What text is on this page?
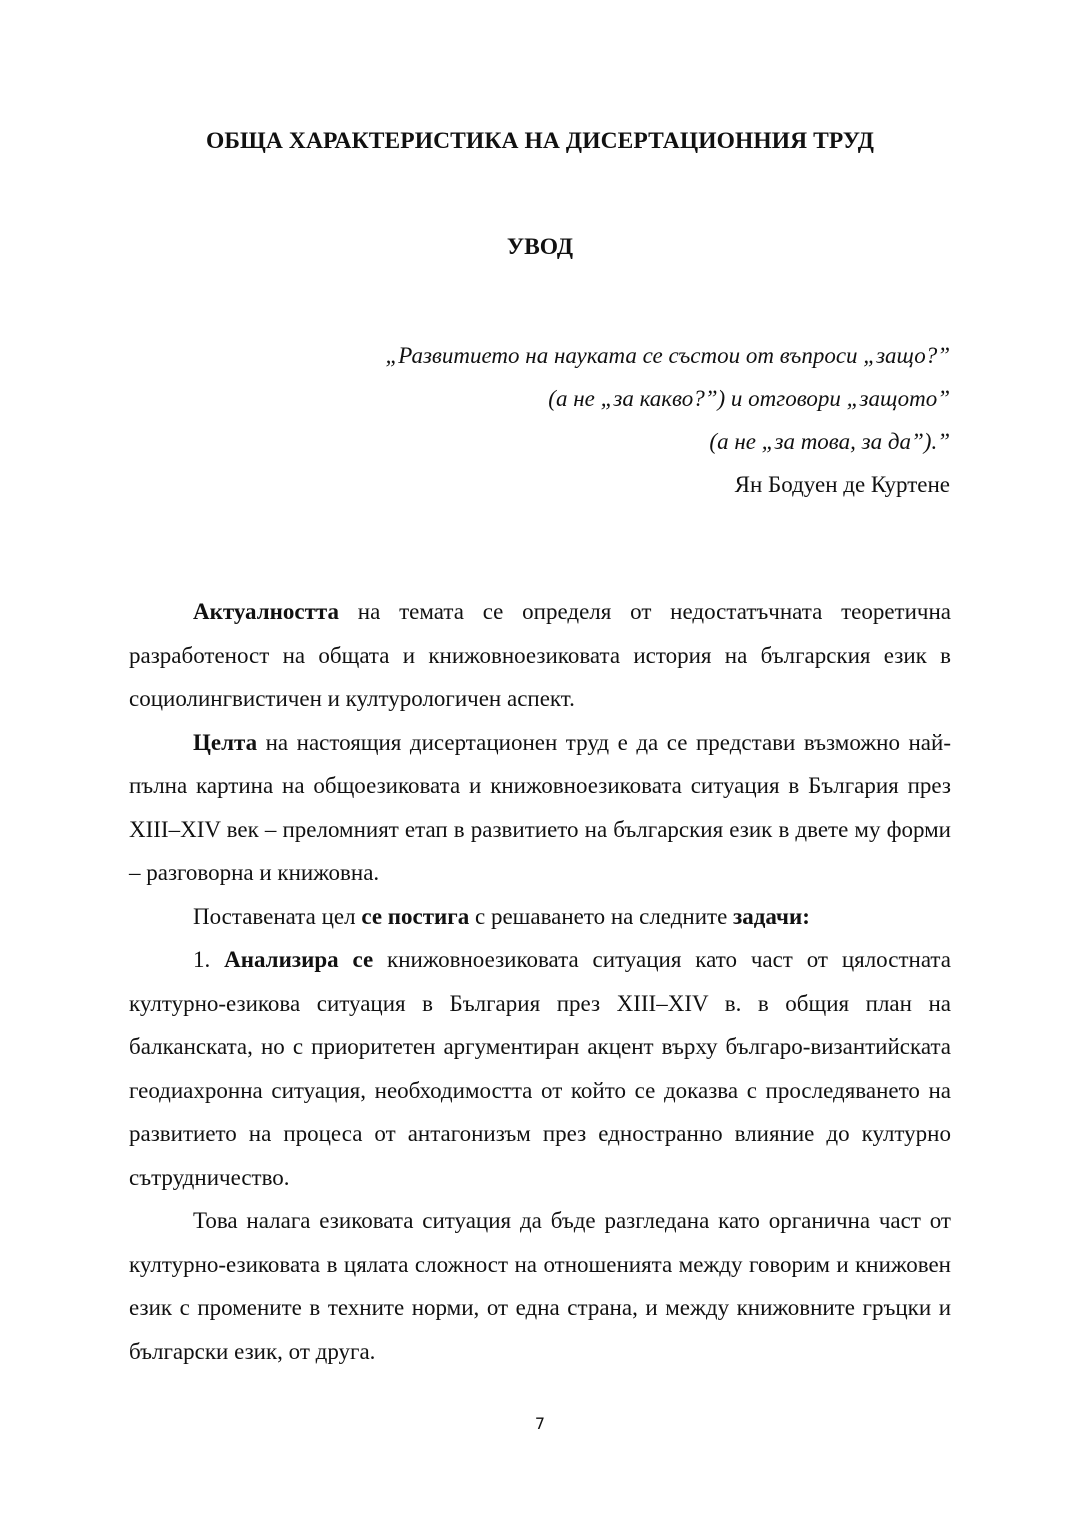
ОБЩА ХАРАКТЕРИСТИКА НА ДИСЕРТАЦИОННИЯ ТРУД
УВОД
„Развитието на науката се състои от въпроси „защо?”
(а не „за какво?”) и отговори „защото”
(а не „за това, за да”).”
Ян Бодуен де Куртене

Актуалността на темата се определя от недостатъчната теоретична разработеност на общата и книжовноезиковата история на българския език в социолингвистичен и културологичен аспект.

Целта на настоящия дисертационен труд е да се представи възможно най-пълна картина на общоезиковата и книжовноезиковата ситуация в България през XIII–XIV век – преломният етап в развитието на българския език в двете му форми – разговорна и книжовна.

Поставената цел се постига с решаването на следните задачи:

1. Анализира се книжовноезиковата ситуация като част от цялостната културно-езикова ситуация в България през XIII–XIV в. в общия план на балканската, но с приоритетен аргументиран акцент върху българо-византийската геодиахронна ситуация, необходимостта от който се доказва с проследяването на развитието на процеса от антагонизъм през едностранно влияние до културно сътрудничество.

Това налага езиковата ситуация да бъде разгледана като органична част от културно-езиковата в цялата сложност на отношенията между говорим и книжовен език с промените в техните норми, от една страна, и между книжовните гръцки и български език, от друга.

7
